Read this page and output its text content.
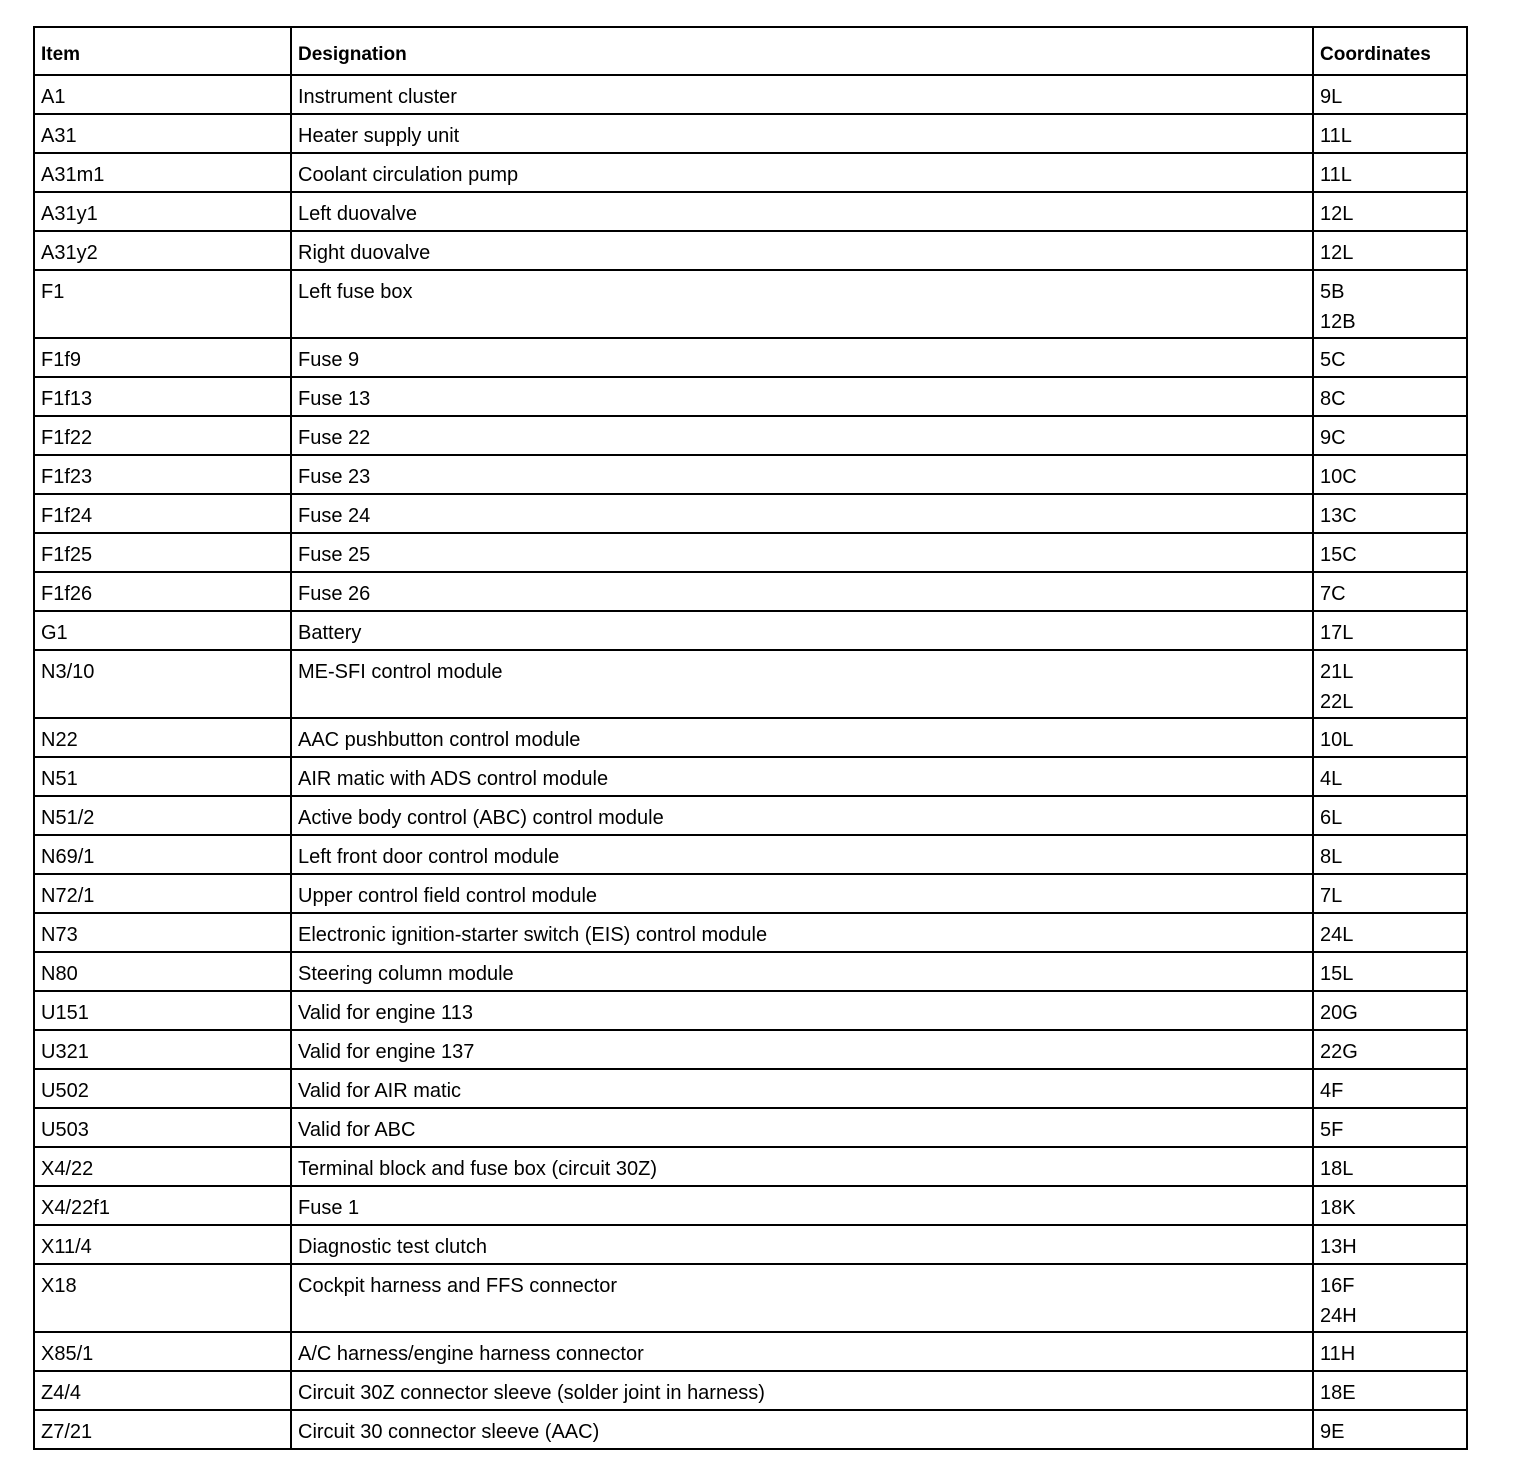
Item	Designation	Coordinates
A1	Instrument cluster	9L

A31	Heater supply unit	11L

A31m1	Coolant circulation pump	11L

A31y1	Left duovalve	12L

A31y2	Right duovalve	12L

F1	Left fuse box	5B
12B

F1f9	Fuse 9	5C

F1f13	Fuse 13	8C

F1f22	Fuse 22	9C

F1f23	Fuse 23	10C

F1f24	Fuse 24	13C

F1f25	Fuse 25	15C

F1f26	Fuse 26	7C

G1	Battery	17L

N3/10	ME-SFI control module	21L
22L

N22	AAC pushbutton control module	10L

N51	AIR matic with ADS control module	4L

N51/2	Active body control (ABC) control module	6L

N69/1	Left front door control module	8L

N72/1	Upper control field control module	7L

N73	Electronic ignition-starter switch (EIS) control module	24L

N80	Steering column module	15L

U151	Valid for engine 113	20G

U321	Valid for engine 137	22G

U502	Valid for AIR matic	4F

U503	Valid for ABC	5F

X4/22	Terminal block and fuse box (circuit 30Z)	18L

X4/22f1	Fuse 1	18K

X11/4	Diagnostic test clutch	13H

X18	Cockpit harness and FFS connector	16F
24H

X85/1	A/C harness/engine harness connector	11H

Z4/4	Circuit 30Z connector sleeve (solder joint in harness)	18E

Z7/21	Circuit 30 connector sleeve (AAC)	9E
